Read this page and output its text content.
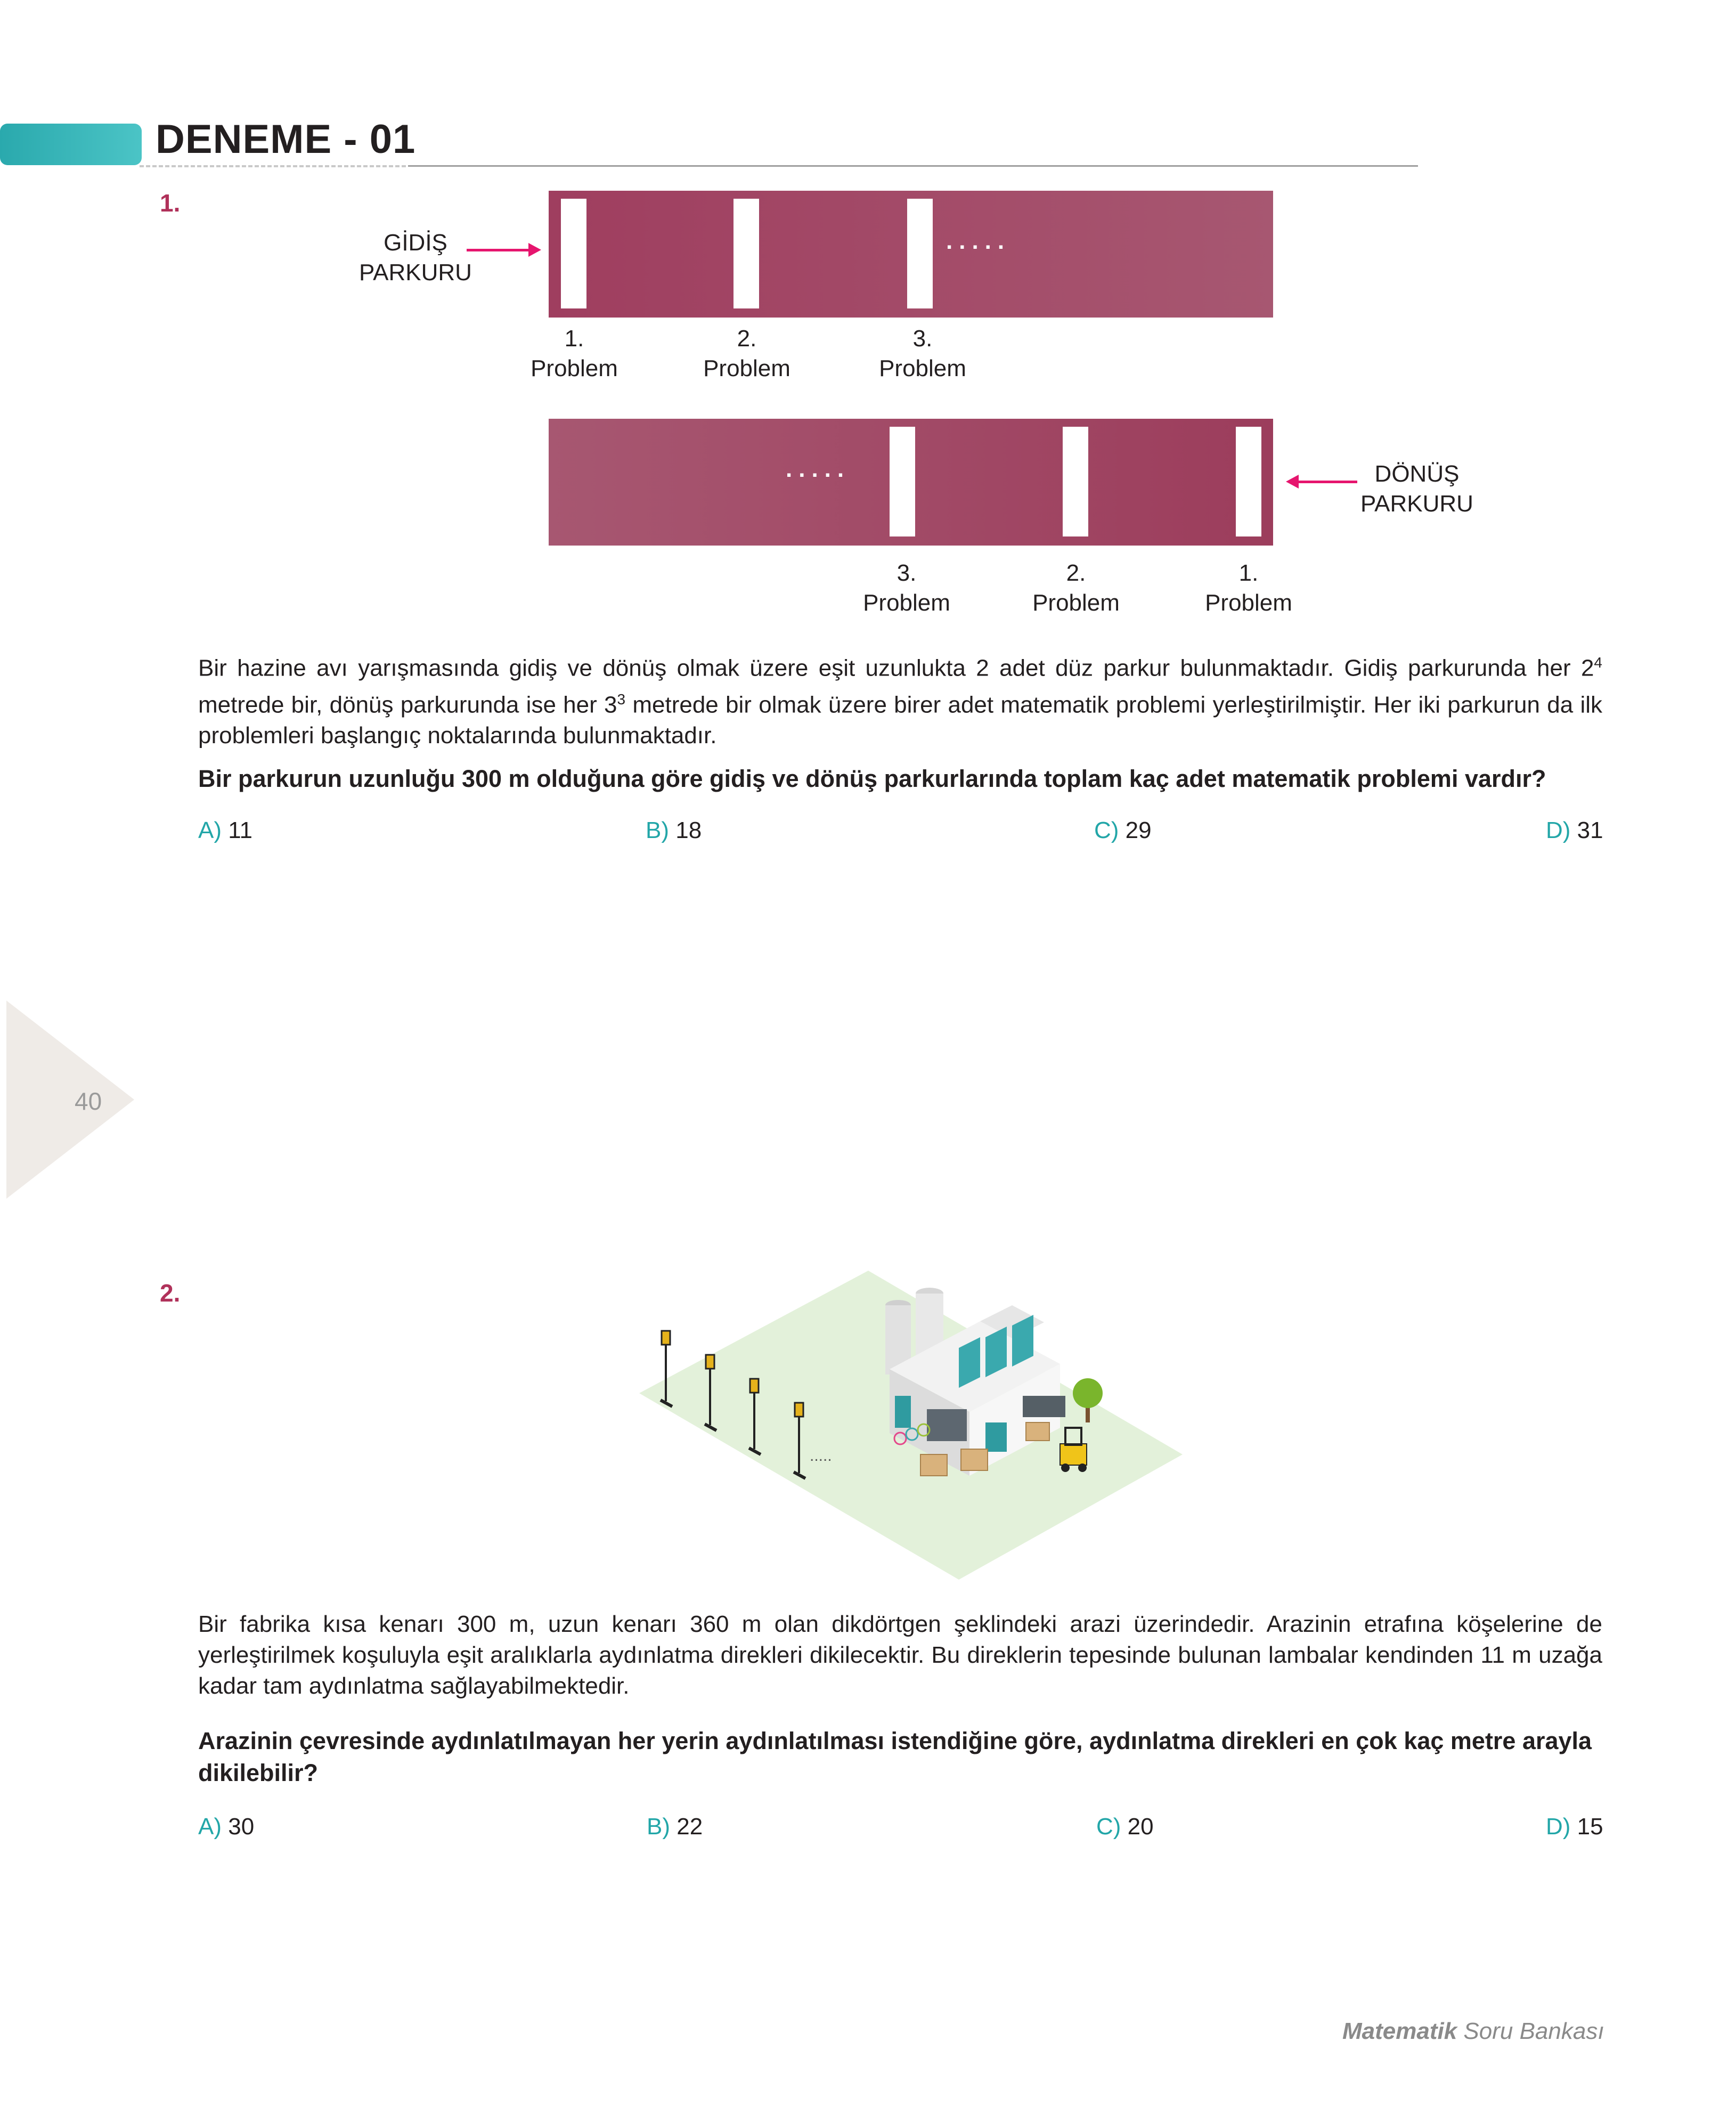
DENEME - 01
1.
GİDİŞ
PARKURU
.....
1.
Problem
2.
Problem
3.
Problem
.....	DÖNÜŞ
PARKURU
3.
Problem
2.
Problem
1.
Problem
Bir hazine avı yarışmasında gidiş ve dönüş olmak üzere eşit uzunlukta 2 adet düz parkur bulunmaktadır. Gidiş parkurunda her $2^4$ metrede bir, dönüş parkurunda ise her $3^3$ metrede bir olmak üzere birer adet matematik problemi yerleştirilmiştir. Her iki parkurun da ilk problemleri başlangıç noktalarında bulunmaktadır.
Bir parkurun uzunluğu 300 m olduğuna göre gidiş ve dönüş parkurlarında toplam kaç adet matematik problemi vardır?
A) 11	B) 18	C) 29	D) 31
40
2.
.....
Bir fabrika kısa kenarı 300 m, uzun kenarı 360 m olan dikdörtgen şeklindeki arazi üzerindedir. Arazinin etrafına köşelerine de yerleştirilmek koşuluyla eşit aralıklarla aydınlatma direkleri dikilecektir. Bu direklerin tepesinde bulunan lambalar kendinden 11 m uzağa kadar tam aydınlatma sağlayabilmektedir.
Arazinin çevresinde aydınlatılmayan her yerin aydınlatılması istendiğine göre, aydınlatma direkleri en çok kaç metre arayla dikilebilir?
A) 30	B) 22	C) 20	D) 15
Matematik Soru Bankası
